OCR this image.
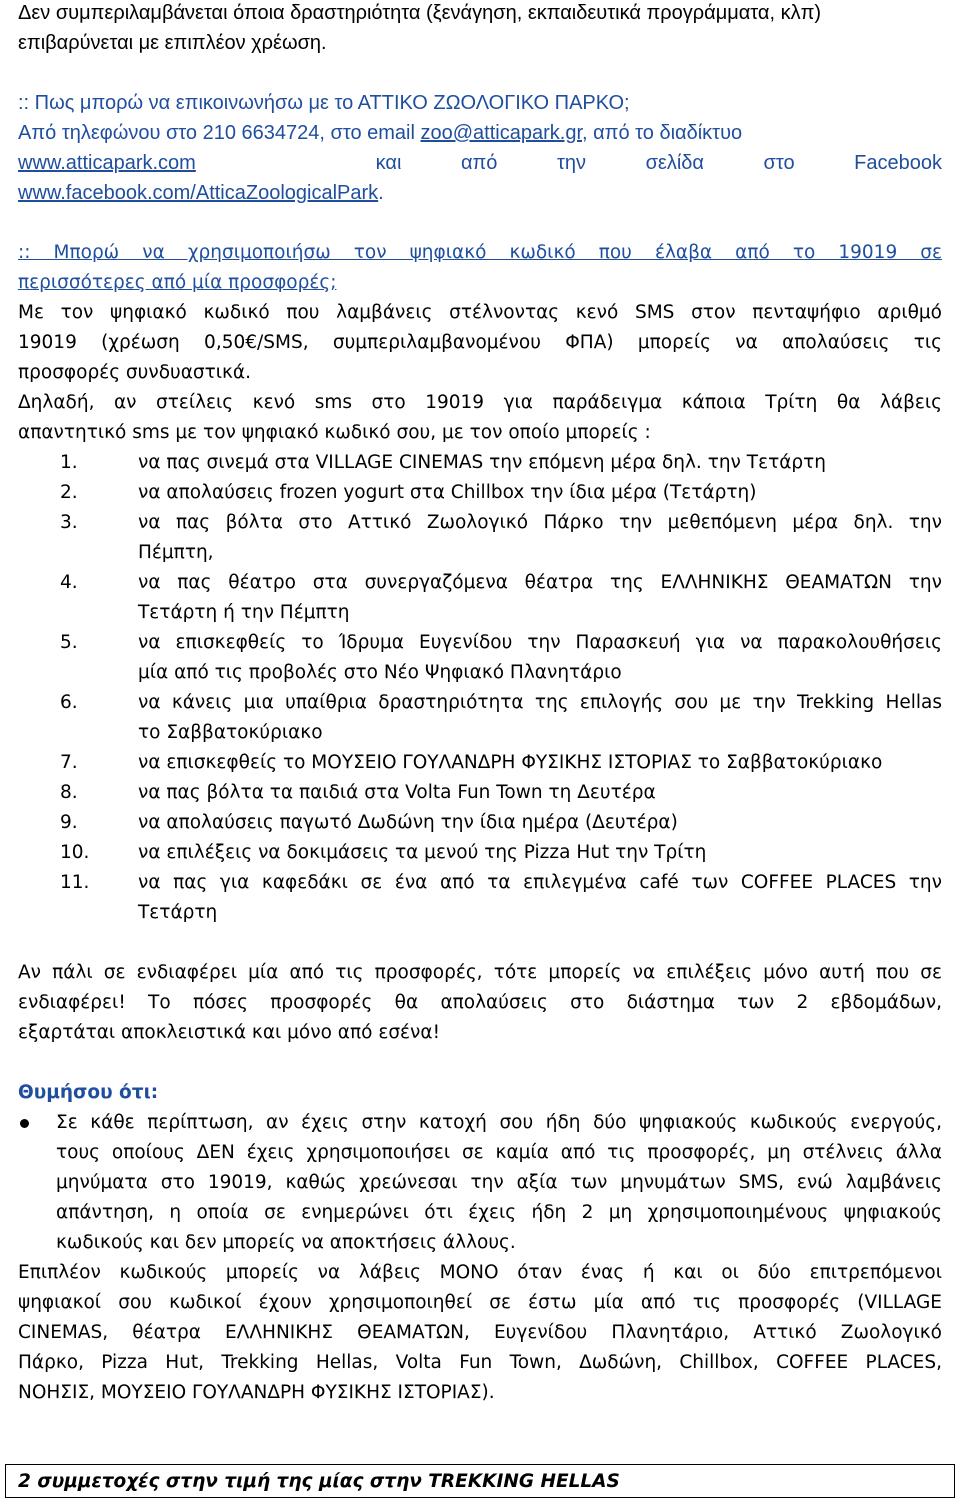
Δεν συμπεριλαμβάνεται όποια δραστηριότητα (ξενάγηση, εκπαιδευτικά προγράμματα, κλπ)
επιβαρύνεται με επιπλέον χρέωση.
:: Πως μπορώ να επικοινωνήσω με το ΑΤΤΙΚΟ ΖΩΟΛΟΓΙΚΟ ΠΑΡΚΟ;
Από τηλεφώνου στο 210 6634724, στο email zoo@atticapark.gr, από το διαδίκτυο
www.atticapark.com	και από την σελίδα στο Facebook
www.facebook.com/AtticaZoologicalPark.
:: Μπορώ να χρησιμοποιήσω τον ψηφιακό κωδικό που έλαβα από το 19019 σε
περισσότερες από μία προσφορές;
Με τον ψηφιακό κωδικό που λαμβάνεις στέλνοντας κενό SMS στον πενταψήφιο αριθμό
19019 (χρέωση 0,50€/SMS, συμπεριλαμβανομένου ΦΠΑ) μπορείς να απολαύσεις τις
προσφορές συνδυαστικά.
Δηλαδή, αν στείλεις κενό sms στο 19019 για παράδειγμα κάποια Τρίτη θα λάβεις
απαντητικό sms με τον ψηφιακό κωδικό σου, με τον οποίο μπορείς :
1.	να πας σινεμά στα VILLAGE CINEMAS την επόμενη μέρα δηλ. την Τετάρτη
2.	να απολαύσεις frozen yogurt στα Chillbox την ίδια μέρα (Τετάρτη)
3.	να πας βόλτα στο Αττικό Ζωολογικό Πάρκο την μεθεπόμενη μέρα δηλ. την
Πέμπτη,
4.	να πας θέατρο στα συνεργαζόμενα θέατρα της ΕΛΛΗΝΙΚΗΣ ΘΕΑΜΑΤΩΝ την
Τετάρτη ή την Πέμπτη
5.	να επισκεφθείς το Ίδρυμα Ευγενίδου την Παρασκευή για να παρακολουθήσεις
μία από τις προβολές στο Νέο Ψηφιακό Πλανητάριο
6.	να κάνεις μια υπαίθρια δραστηριότητα της επιλογής σου με την Trekking Hellas
το Σαββατοκύριακο
7.	να επισκεφθείς το ΜΟΥΣΕΙΟ ΓΟΥΛΑΝΔΡΗ ΦΥΣΙΚΗΣ ΙΣΤΟΡΙΑΣ το Σαββατοκύριακο
8.	να πας βόλτα τα παιδιά στα Volta Fun Town τη Δευτέρα
9.	να απολαύσεις παγωτό Δωδώνη την ίδια ημέρα (Δευτέρα)
10.	να επιλέξεις να δοκιμάσεις τα μενού της Pizza Hut την Τρίτη
11.	να πας για καφεδάκι σε ένα από τα επιλεγμένα café των COFFEE PLACES την
Τετάρτη
Αν πάλι σε ενδιαφέρει μία από τις προσφορές, τότε μπορείς να επιλέξεις μόνο αυτή που σε
ενδιαφέρει! Το πόσες προσφορές θα απολαύσεις στο διάστημα των 2 εβδομάδων,
εξαρτάται αποκλειστικά και μόνο από εσένα!
Θυμήσου ότι:
Σε κάθε περίπτωση, αν έχεις στην κατοχή σου ήδη δύο ψηφιακούς κωδικούς ενεργούς,
τους οποίους ΔΕΝ έχεις χρησιμοποιήσει σε καμία από τις προσφορές, μη στέλνεις άλλα
μηνύματα στο 19019, καθώς χρεώνεσαι την αξία των μηνυμάτων SMS, ενώ λαμβάνεις
απάντηση, η οποία σε ενημερώνει ότι έχεις ήδη 2 μη χρησιμοποιημένους ψηφιακούς
κωδικούς και δεν μπορείς να αποκτήσεις άλλους.
Επιπλέον κωδικούς μπορείς να λάβεις ΜΟΝΟ όταν ένας ή και οι δύο επιτρεπόμενοι
ψηφιακοί σου κωδικοί έχουν χρησιμοποιηθεί σε έστω μία από τις προσφορές (VILLAGE
CINEMAS, θέατρα ΕΛΛΗΝΙΚΗΣ ΘΕΑΜΑΤΩΝ, Ευγενίδου Πλανητάριο, Αττικό Ζωολογικό
Πάρκο, Pizza Hut, Trekking Hellas, Volta Fun Town, Δωδώνη, Chillbox, COFFEE PLACES,
ΝΟΗΣΙΣ, ΜΟΥΣΕΙΟ ΓΟΥΛΑΝΔΡΗ ΦΥΣΙΚΗΣ ΙΣΤΟΡΙΑΣ).
2 συμμετοχές στην τιμή της μίας στην TREKKING HELLAS
